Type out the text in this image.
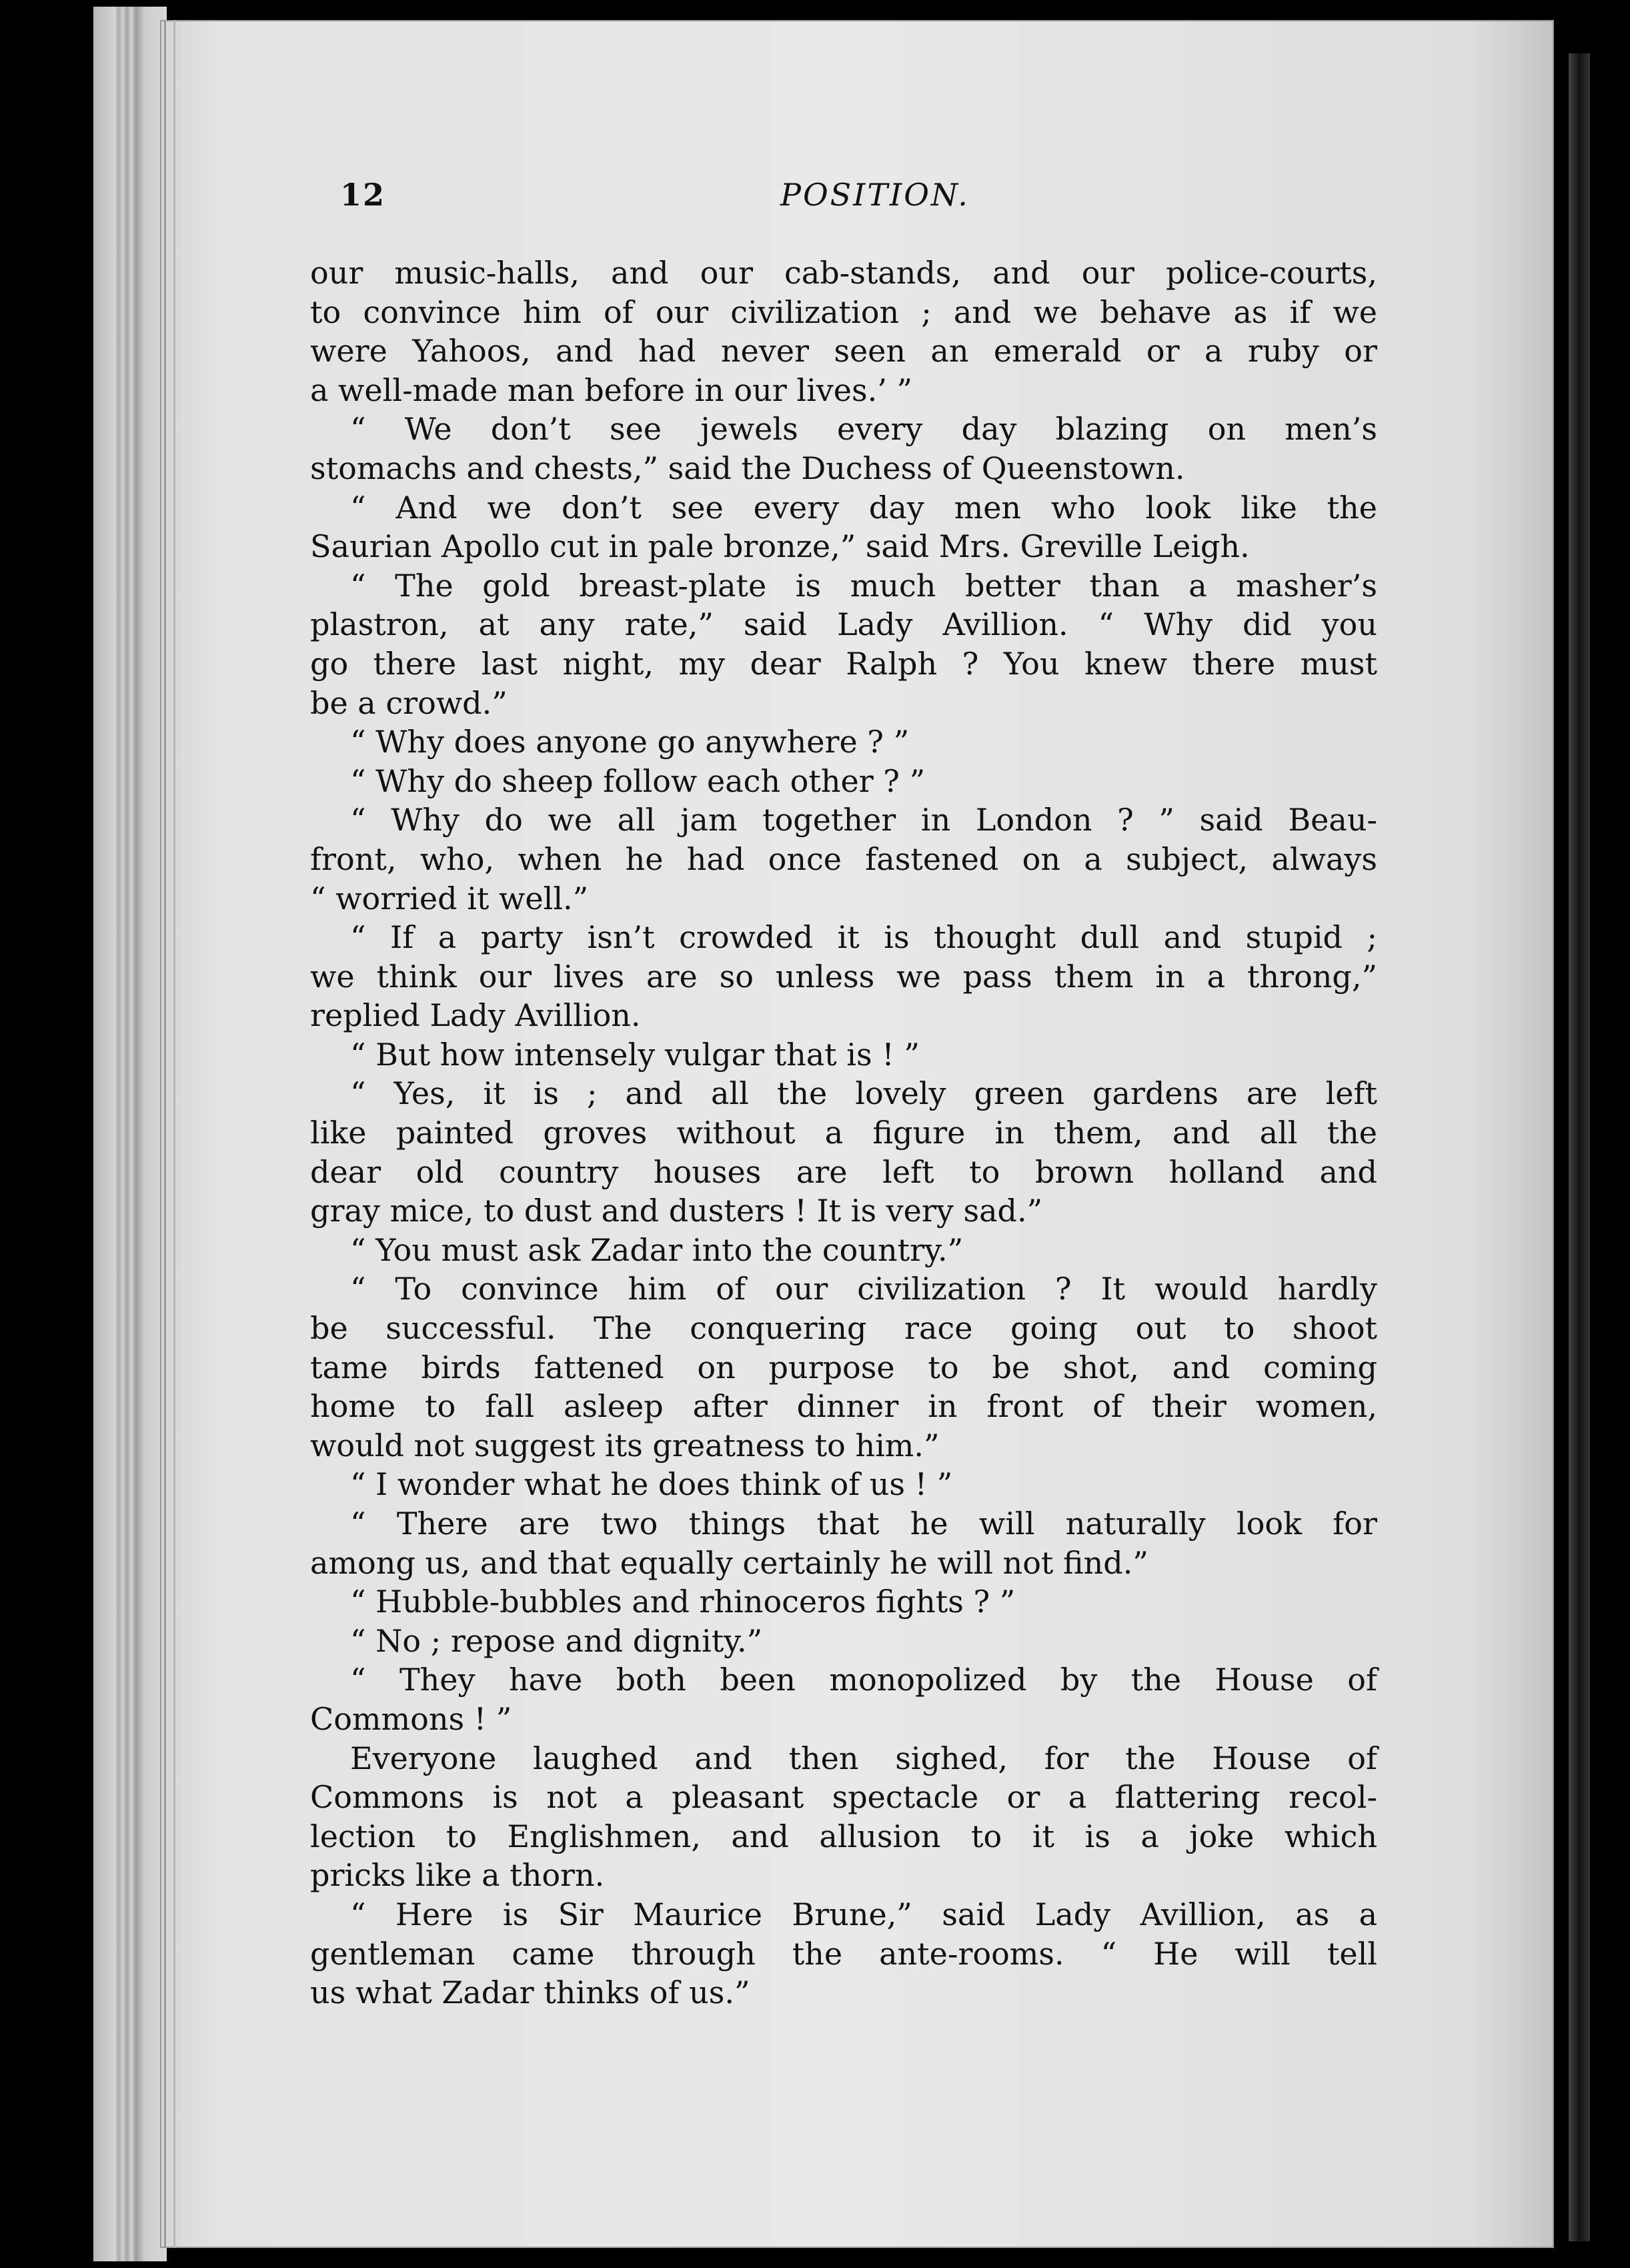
12	POSITION.
our music-halls, and our cab-stands, and our police-courts,
to convince him of our civilization ; and we behave as if we
were Yahoos, and had never seen an emerald or a ruby or
a well-made man before in our lives.’ ”
“ We don’t see jewels every day blazing on men’s
stomachs and chests,” said the Duchess of Queenstown.
“ And we don’t see every day men who look like the
Saurian Apollo cut in pale bronze,” said Mrs. Greville Leigh.
“ The gold breast-plate is much better than a masher’s
plastron, at any rate,” said Lady Avillion. “ Why did you
go there last night, my dear Ralph ? You knew there must
be a crowd.”
“ Why does anyone go anywhere ? ”
“ Why do sheep follow each other ? ”
“ Why do we all jam together in London ? ” said Beau-
front, who, when he had once fastened on a subject, always
“ worried it well.”
“ If a party isn’t crowded it is thought dull and stupid ;
we think our lives are so unless we pass them in a throng,”
replied Lady Avillion.
“ But how intensely vulgar that is ! ”
“ Yes, it is ; and all the lovely green gardens are left
like painted groves without a figure in them, and all the
dear old country houses are left to brown holland and
gray mice, to dust and dusters ! It is very sad.”
“ You must ask Zadar into the country.”
“ To convince him of our civilization ? It would hardly
be successful. The conquering race going out to shoot
tame birds fattened on purpose to be shot, and coming
home to fall asleep after dinner in front of their women,
would not suggest its greatness to him.”
“ I wonder what he does think of us ! ”
“ There are two things that he will naturally look for
among us, and that equally certainly he will not find.”
“ Hubble-bubbles and rhinoceros fights ? ”
“ No ; repose and dignity.”
“ They have both been monopolized by the House of
Commons ! ”
Everyone laughed and then sighed, for the House of
Commons is not a pleasant spectacle or a flattering recol-
lection to Englishmen, and allusion to it is a joke which
pricks like a thorn.
“ Here is Sir Maurice Brune,” said Lady Avillion, as a
gentleman came through the ante-rooms. “ He will tell
us what Zadar thinks of us.”
